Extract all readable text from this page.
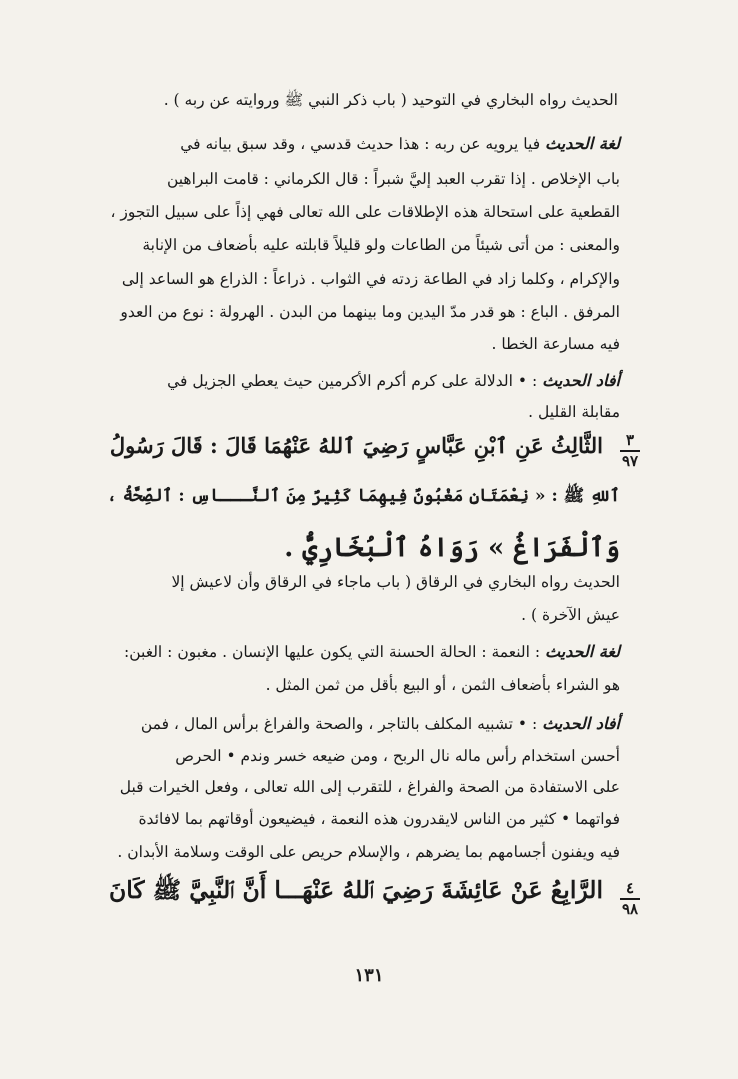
الحديث رواه البخاري في التوحيد ( باب ذكر النبي ﷺ وروايته عن ربه ) .
لغة الحديث فيا يرويه عن ربه : هذا حديث قدسي ، وقد سبق بيانه في
باب الإخلاص . إذا تقرب العبد إليَّ شبراً : قال الكرماني : قامت البراهين
القطعية على استحالة هذه الإطلاقات على الله تعالى فهي إذاً على سبيل التجوز ،
والمعنى : من أتى شيئاً من الطاعات ولو قليلاً قابلته عليه بأضعاف من الإنابة
والإكرام ، وكلما زاد في الطاعة زدته في الثواب . ذراعاً : الذراع هو الساعد إلى
المرفق . الباع : هو قدر مدّ اليدين وما بينهما من البدن . الهرولة : نوع من العدو
فيه مسارعة الخطا .
أفاد الحديث : • الدلالة على كرم أكرم الأكرمين حيث يعطي الجزيل في
مقابلة القليل .
٣
٩٧
الثَّالِثُ عَنِ ٱبْنِ عَبَّاسٍ رَضِيَ ٱللهُ عَنْهُمَا قَالَ : قَالَ رَسُولُ
ٱللهِ ﷺ : « نِعْمَتَانِ مَغْبُونٌ فِيهِمَا كَثِيرٌ مِنَ ٱلنَّـــاسِ : ٱلصِّحَّةُ ،
وَٱلْفَرَاغُ » رَوَاهُ ٱلْبُخَارِيُّ .
الحديث رواه البخاري في الرقاق ( باب ماجاء في الرقاق وأن لاعيش إلا
عيش الآخرة ) .
لغة الحديث : النعمة : الحالة الحسنة التي يكون عليها الإنسان . مغبون : الغبن:
هو الشراء بأضعاف الثمن ، أو البيع بأقل من ثمن المثل .
أفاد الحديث : • تشبيه المكلف بالتاجر ، والصحة والفراغ برأس المال ، فمن
أحسن استخدام رأس ماله نال الربح ، ومن ضيعه خسر وندم • الحرص
على الاستفادة من الصحة والفراغ ، للتقرب إلى الله تعالى ، وفعل الخيرات قبل
فواتهما • كثير من الناس لايقدرون هذه النعمة ، فيضيعون أوقاتهم بما لافائدة
فيه ويفنون أجسامهم بما يضرهم ، والإسلام حريص على الوقت وسلامة الأبدان .
٤
٩٨
الرَّابِعُ عَنْ عَائِشَةَ رَضِيَ ٱللهُ عَنْهَـــا أَنَّ ٱلنَّبِيَّ ﷺ كَانَ
١٣١
